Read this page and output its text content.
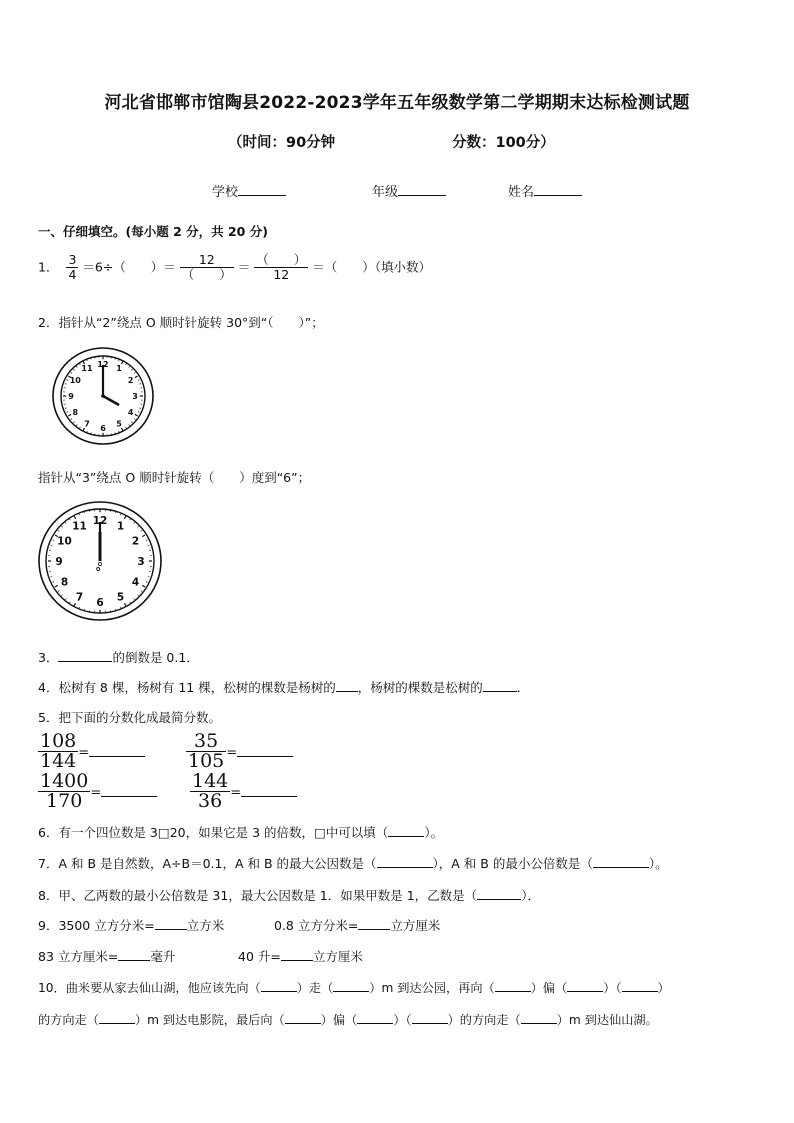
河北省邯郸市馆陶县2022-2023学年五年级数学第二学期期末达标检测试题
（时间：90分钟	分数：100分）
学校	年级	姓名
一、仔细填空。(每小题 2 分，共 20 分)
1． $\frac{3}{4} =6\div$（　　）＝ $\frac{12}{( )} = \frac{( )}{12}$ ＝（　　）（填小数）
2．指针从“2”绕点 O 顺时针旋转 30°到“（　　）”；
12 1
2
3
4
5
6
7
8
9
10
11
指针从“3”绕点 O 顺时针旋转（　　）度到“6”；
12 1
2
3
4
5
6
7
8
9
10
11
O
3．	的倒数是 0.1．
4．松树有 8 棵，杨树有 11 棵，松树的棵数是杨树的 ，杨树的棵数是松树的	．
5．把下面的分数化成最简分数。
$\frac{108}{144}$ =	$\frac{35}{105}$ =
$\frac{1400}{170}$ =	$\frac{144}{36}$ =
6．有一个四位数是 3□20，如果它是 3 的倍数，□中可以填（	）。
7．A 和 B 是自然数，A÷B＝0.1，A 和 B 的最大公因数是（	），A 和 B 的最小公倍数是（	）。
8．甲、乙两数的最小公倍数是 31，最大公因数是 1．如果甲数是 1，乙数是（	）．
9．3500 立方分米=	立方米	0.8 立方分米=	立方厘米
83 立方厘米=	毫升	40 升=	立方厘米
10．曲米要从家去仙山湖，他应该先向（	）走（	）m 到达公园，再向（	）偏（	）（	）
的方向走（	）m 到达电影院，最后向（	）偏（	）（	）的方向走（	）m 到达仙山湖。
